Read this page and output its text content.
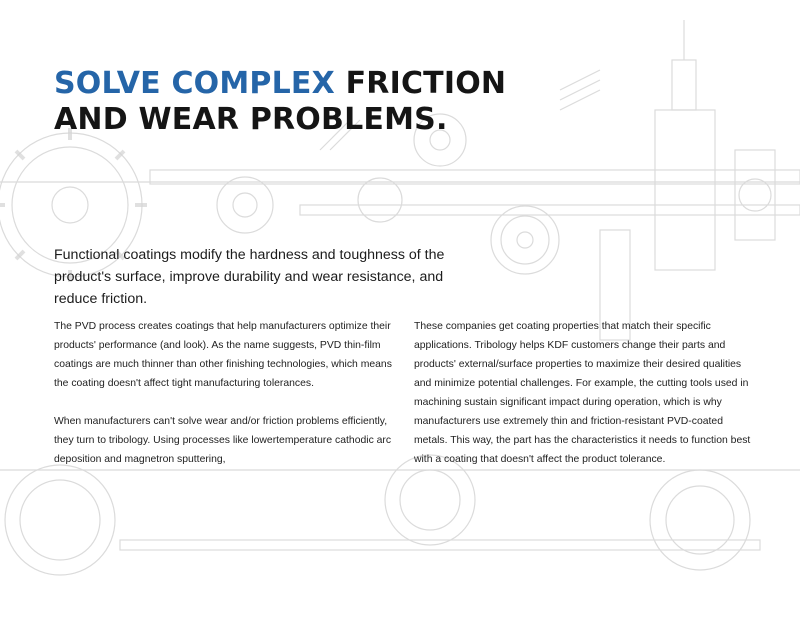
SOLVE COMPLEX FRICTION
AND WEAR PROBLEMS.

Functional coatings modify the hardness and toughness of the product's surface, improve durability and wear resistance, and reduce friction.

The PVD process creates coatings that help manufacturers optimize their products' performance (and look). As the name suggests, PVD thin-film coatings are much thinner than other finishing technologies, which means the coating doesn't affect tight manufacturing tolerances.

When manufacturers can't solve wear and/or friction problems efficiently, they turn to tribology. Using processes like lowertemperature cathodic arc deposition and magnetron sputtering,

These companies get coating properties that match their specific applications. Tribology helps KDF customers change their parts and products' external/surface properties to maximize their desired qualities and minimize potential challenges. For example, the cutting tools used in machining sustain significant impact during operation, which is why manufacturers use extremely thin and friction-resistant PVD-coated metals. This way, the part has the characteristics it needs to function best with a coating that doesn't affect the product tolerance.
